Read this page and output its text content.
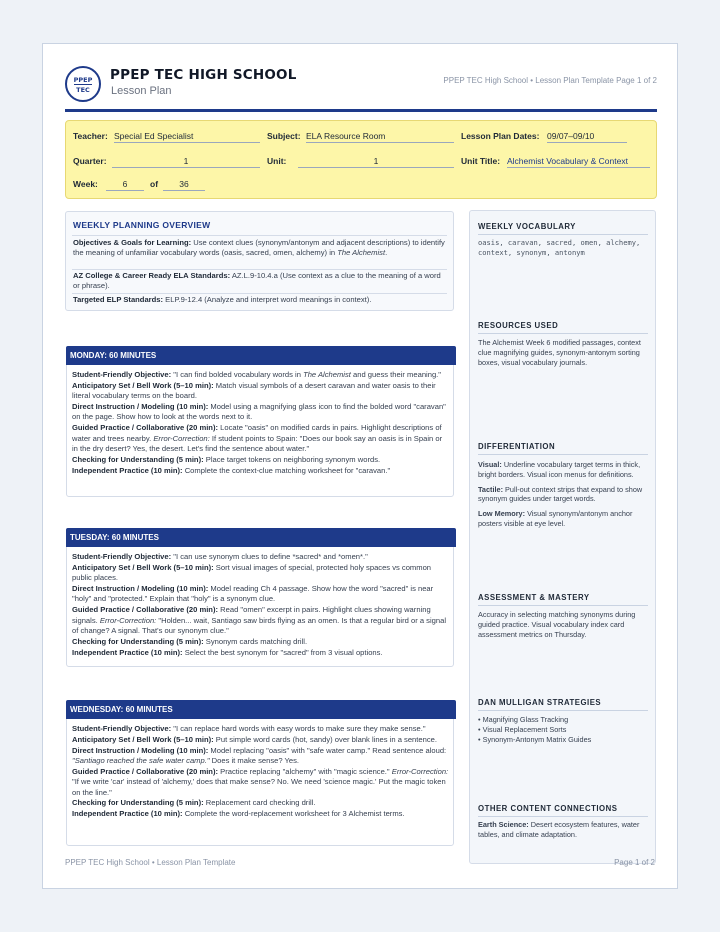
PPEP
TEC
PPEP TEC HIGH SCHOOL
Lesson Plan
PPEP TEC High School • Lesson Plan Template Page 1 of 2
Teacher: Special Ed Specialist	Subject: ELA Resource Room	Lesson Plan Dates: 09/07–09/10
Quarter:	1	Unit:	1	Unit Title: Alchemist Vocabulary & Context
Week:	6	of	36
WEEKLY PLANNING OVERVIEW
Objectives & Goals for Learning: Use context clues (synonym/antonym and adjacent descriptions) to identify the meaning of unfamiliar vocabulary words (oasis, sacred, omen, alchemy) in The Alchemist.
AZ College & Career Ready ELA Standards: AZ.L.9-10.4.a (Use context as a clue to the meaning of a word or phrase).
Targeted ELP Standards: ELP.9-12.4 (Analyze and interpret word meanings in context).
MONDAY: 60 MINUTES

Student-Friendly Objective: "I can find bolded vocabulary words in The Alchemist and guess their meaning."

Anticipatory Set / Bell Work (5–10 min): Match visual symbols of a desert caravan and water oasis to their literal vocabulary terms on the board.

Direct Instruction / Modeling (10 min): Model using a magnifying glass icon to find the bolded word "caravan" on the page. Show how to look at the words next to it.

Guided Practice / Collaborative (20 min): Locate "oasis" on modified cards in pairs. Highlight descriptions of water and trees nearby. Error-Correction: If student points to Spain: "Does our book say an oasis is in Spain or in the dry desert? Yes, the desert. Let's find the sentence about water."

Checking for Understanding (5 min): Place target tokens on neighboring synonym words.

Independent Practice (10 min): Complete the context-clue matching worksheet for "caravan."

TUESDAY: 60 MINUTES

Student-Friendly Objective: "I can use synonym clues to define *sacred* and *omen*."

Anticipatory Set / Bell Work (5–10 min): Sort visual images of special, protected holy spaces vs common public places.

Direct Instruction / Modeling (10 min): Model reading Ch 4 passage. Show how the word "sacred" is near "holy" and "protected." Explain that "holy" is a synonym clue.

Guided Practice / Collaborative (20 min): Read "omen" excerpt in pairs. Highlight clues showing warning signals. Error-Correction: "Holden... wait, Santiago saw birds flying as an omen. Is that a regular bird or a signal of change? A signal. That's our synonym clue."

Checking for Understanding (5 min): Synonym cards matching drill.

Independent Practice (10 min): Select the best synonym for "sacred" from 3 visual options.

WEDNESDAY: 60 MINUTES

Student-Friendly Objective: "I can replace hard words with easy words to make sure they make sense."

Anticipatory Set / Bell Work (5–10 min): Put simple word cards (hot, sandy) over blank lines in a sentence.

Direct Instruction / Modeling (10 min): Model replacing "oasis" with "safe water camp." Read sentence aloud: "Santiago reached the safe water camp." Does it make sense? Yes.

Guided Practice / Collaborative (20 min): Practice replacing "alchemy" with "magic science." Error-Correction: "If we write 'car' instead of 'alchemy,' does that make sense? No. We need 'science magic.' Put the magic token on the line."

Checking for Understanding (5 min): Replacement card checking drill.

Independent Practice (10 min): Complete the word-replacement worksheet for 3 Alchemist terms.

WEEKLY VOCABULARY
oasis, caravan, sacred, omen, alchemy, context, synonym, antonym
RESOURCES USED
The Alchemist Week 6 modified passages, context clue magnifying guides, synonym-antonym sorting boxes, visual vocabulary journals.
DIFFERENTIATION

Visual: Underline vocabulary target terms in thick, bright borders. Visual icon menus for definitions.

Tactile: Pull-out context strips that expand to show synonym guides under target words.

Low Memory: Visual synonym/antonym anchor posters visible at eye level.

ASSESSMENT & MASTERY
Accuracy in selecting matching synonyms during guided practice. Visual vocabulary index card assessment metrics on Thursday.
DAN MULLIGAN STRATEGIES
• Magnifying Glass Tracking
• Visual Replacement Sorts
• Synonym-Antonym Matrix Guides
OTHER CONTENT CONNECTIONS
Earth Science: Desert ecosystem features, water tables, and climate adaptation.
PPEP TEC High School • Lesson Plan Template	Page 1 of 2
